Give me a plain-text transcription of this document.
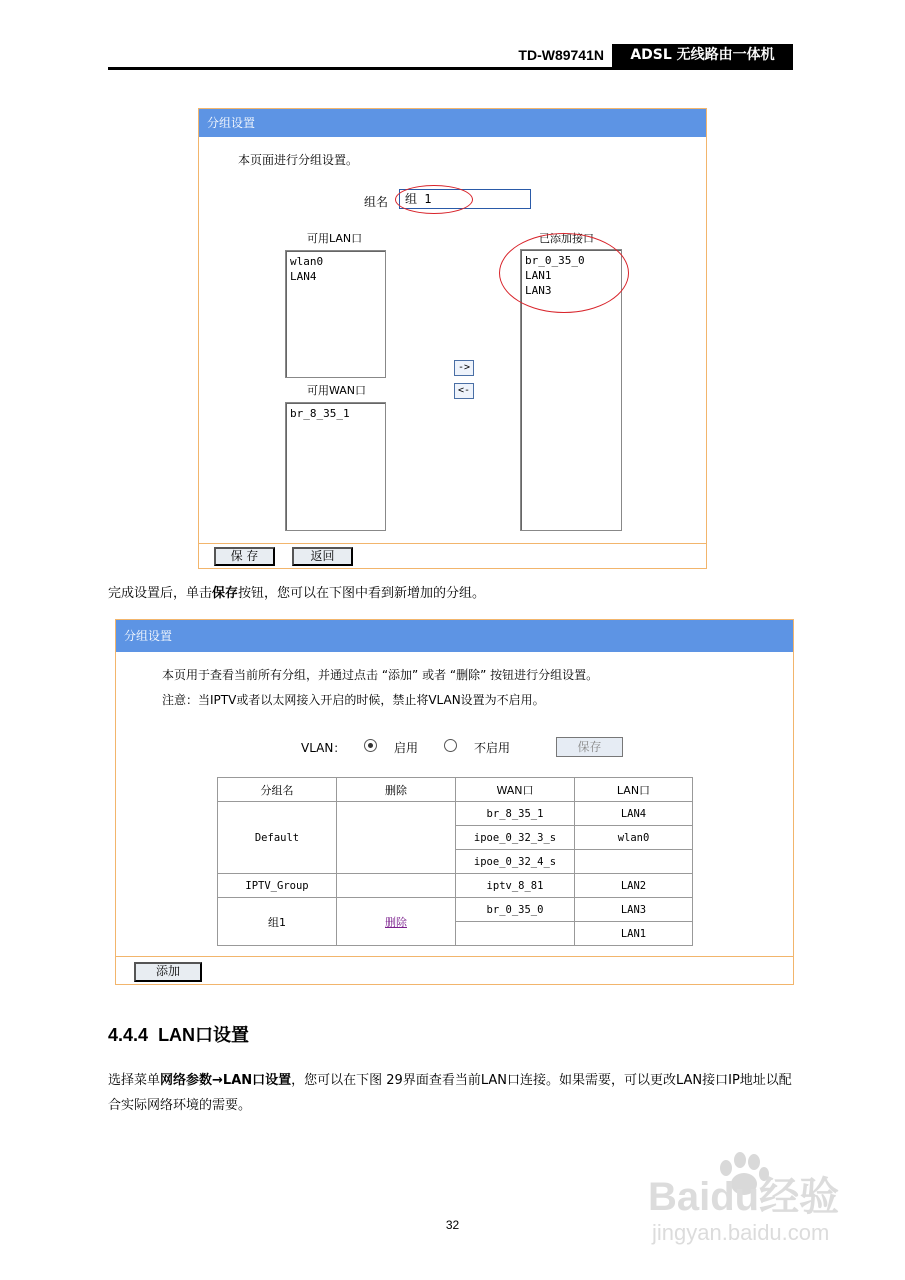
TD-W89741N	ADSL 无线路由一体机
分组设置
本页面进行分组设置。
组名	组 1
可用LAN口
wlan0
LAN4
可用WAN口
br_8_35_1
->
<-
已添加接口
br_0_35_0
LAN1
LAN3
保 存	返回
完成设置后，单击保存按钮，您可以在下图中看到新增加的分组。
分组设置
本页用于查看当前所有分组，并通过点击 “添加” 或者 “删除” 按钮进行分组设置。
注意：当IPTV或者以太网接入开启的时候，禁止将VLAN设置为不启用。
VLAN：	启用	不启用	保存
分组名	删除	WAN口	LAN口
Default		br_8_35_1	LAN4
		ipoe_0_32_3_s	wlan0
		ipoe_0_32_4_s	
IPTV_Group		iptv_8_81	LAN2
组1	删除	br_0_35_0	LAN3
			LAN1
添加
4.4.4 LAN口设置
选择菜单网络参数→LAN口设置，您可以在下图 29界面查看当前LAN口连接。如果需要，可以更改LAN接口IP地址以配合实际网络环境的需要。
Baidu经验
jingyan.baidu.com
32
